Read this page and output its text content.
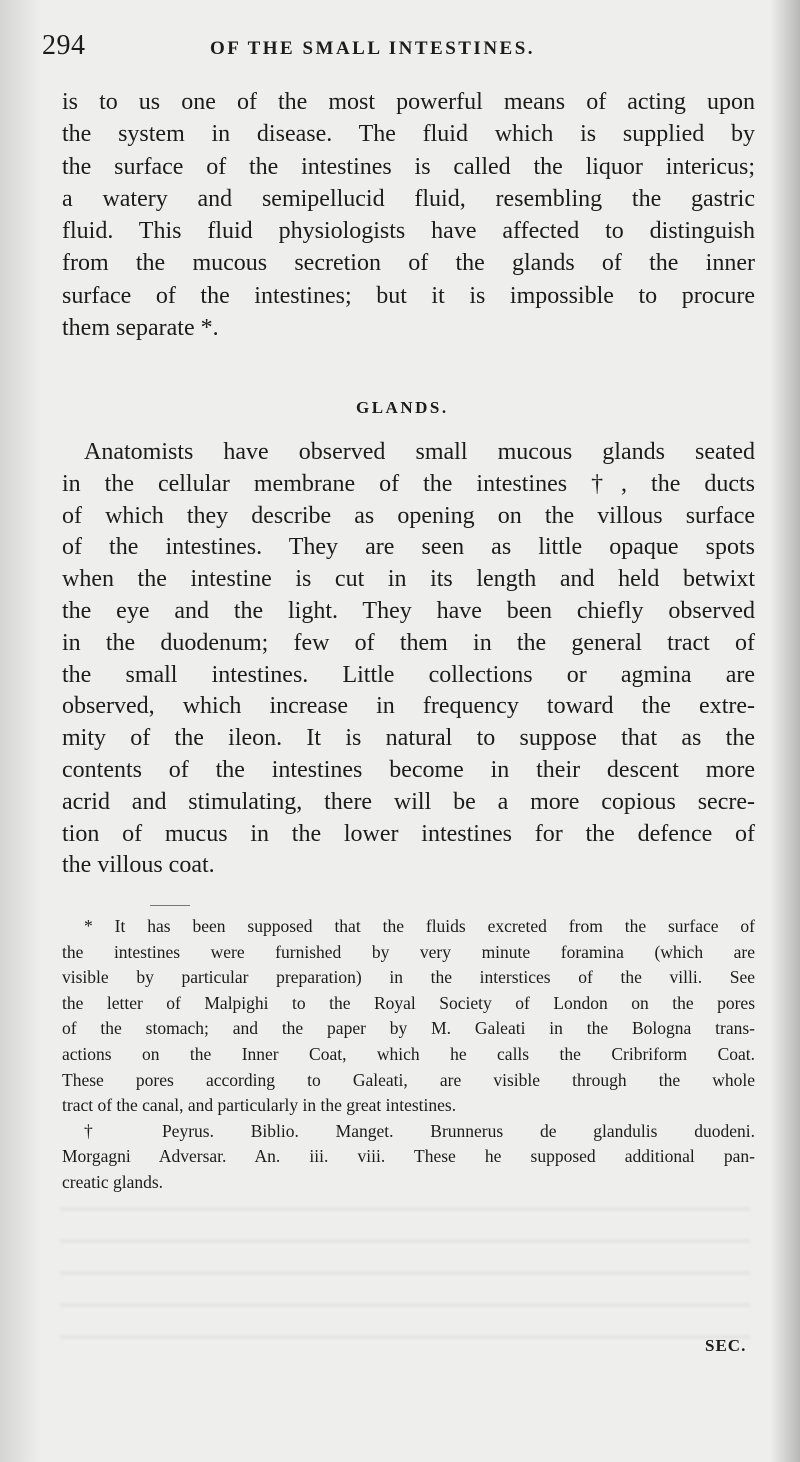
294	OF THE SMALL INTESTINES.
is to us one of the most powerful means of acting upon
the system in disease. The fluid which is supplied by
the surface of the intestines is called the liquor intericus;
a watery and semipellucid fluid, resembling the gastric
fluid. This fluid physiologists have affected to distinguish
from the mucous secretion of the glands of the inner
surface of the intestines; but it is impossible to procure
them separate *.
GLANDS.
Anatomists have observed small mucous glands seated
in the cellular membrane of the intestines †, the ducts
of which they describe as opening on the villous surface
of the intestines. They are seen as little opaque spots
when the intestine is cut in its length and held betwixt
the eye and the light. They have been chiefly observed
in the duodenum; few of them in the general tract of
the small intestines. Little collections or agmina are
observed, which increase in frequency toward the extre-
mity of the ileon. It is natural to suppose that as the
contents of the intestines become in their descent more
acrid and stimulating, there will be a more copious secre-
tion of mucus in the lower intestines for the defence of
the villous coat.
* It has been supposed that the fluids excreted from the surface of
the intestines were furnished by very minute foramina (which are
visible by particular preparation) in the interstices of the villi. See
the letter of Malpighi to the Royal Society of London on the pores
of the stomach; and the paper by M. Galeati in the Bologna trans-
actions on the Inner Coat, which he calls the Cribriform Coat.
These pores according to Galeati, are visible through the whole
tract of the canal, and particularly in the great intestines.
† Peyrus. Biblio. Manget. Brunnerus de glandulis duodeni.
Morgagni Adversar. An. iii. viii. These he supposed additional pan-
creatic glands.
SEC.
